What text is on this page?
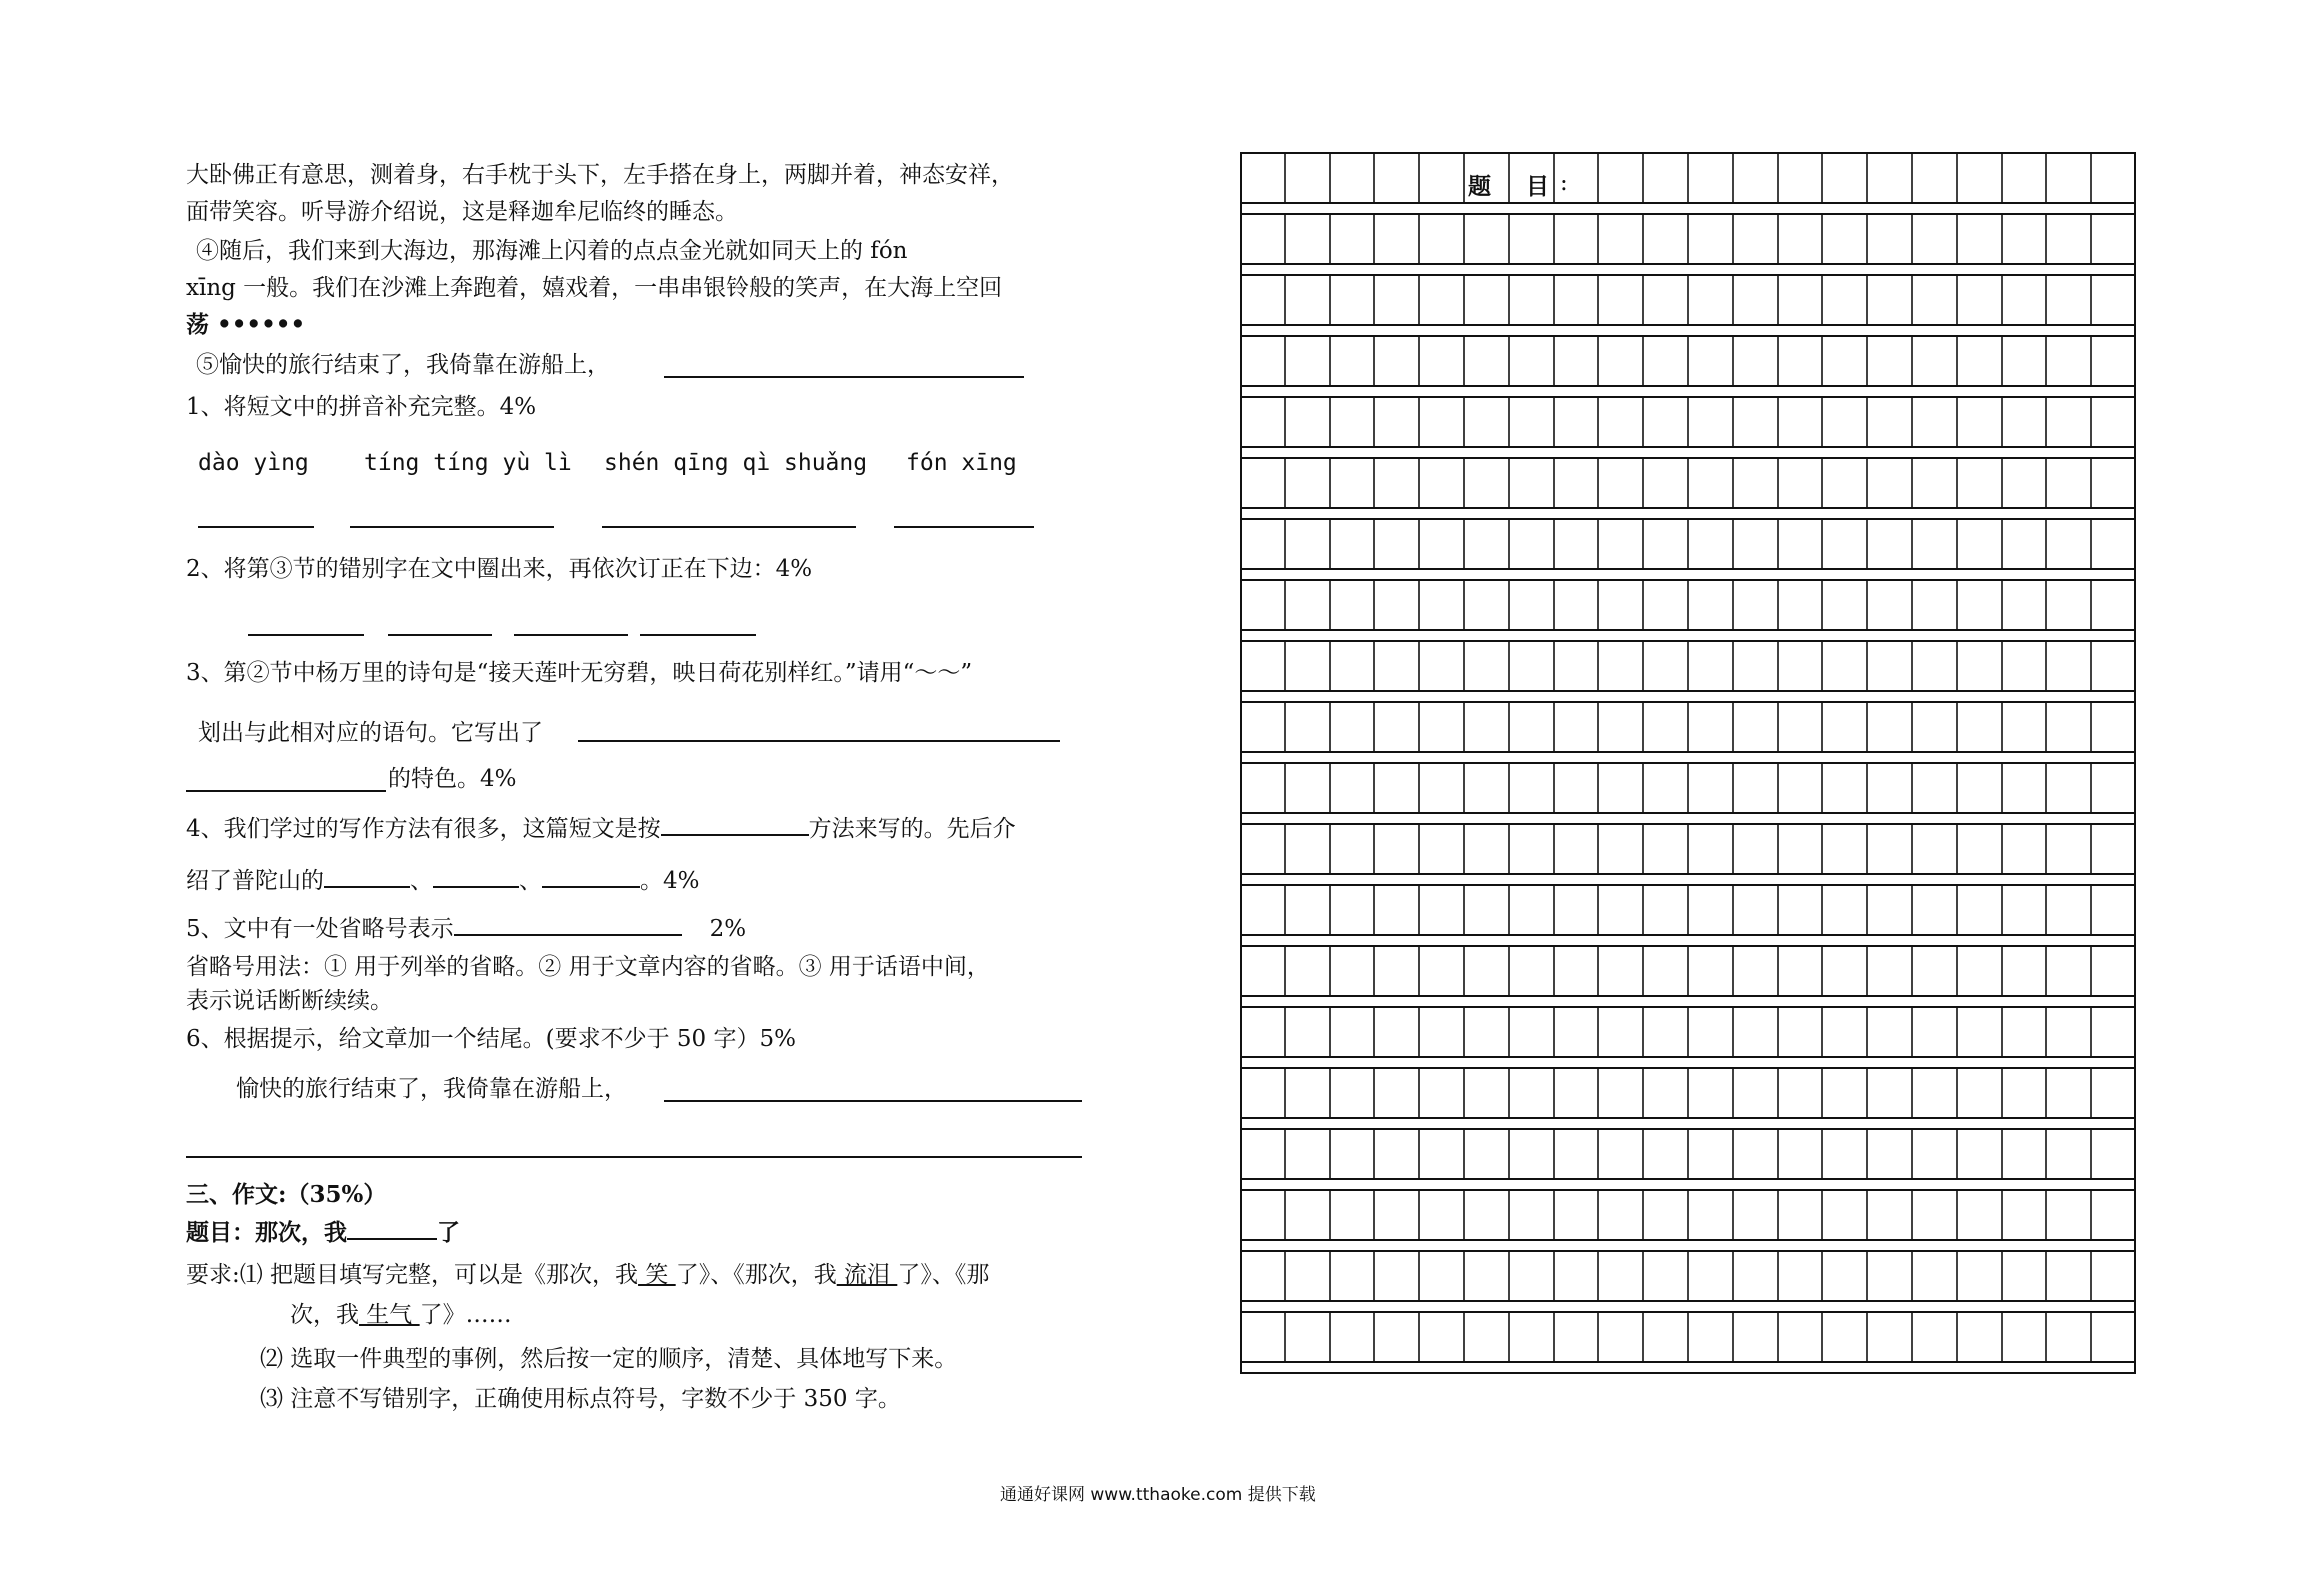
大卧佛正有意思，测着身，右手枕于头下，左手搭在身上，两脚并着，神态安祥，
面带笑容。听导游介绍说，这是释迦牟尼临终的睡态。
④随后，我们来到大海边，那海滩上闪着的点点金光就如同天上的 fón
xīng 一般。我们在沙滩上奔跑着，嬉戏着，一串串银铃般的笑声，在大海上空回
荡 ••••••
⑤愉快的旅行结束了，我倚靠在游船上，
1、将短文中的拼音补充完整。4%
dào yìng tíng tíng yù lì shén qīng qì shuǎng fón xīng
2、将第③节的错别字在文中圈出来，再依次订正在下边：4%
3、第②节中杨万里的诗句是“接天莲叶无穷碧，映日荷花别样红。”请用“～～”
划出与此相对应的语句。它写出了
的特色。4%
4、我们学过的写作方法有很多，这篇短文是按	方法来写的。先后介
绍了普陀山的	、	、	。4%
5、文中有一处省略号表示	2%
省略号用法：① 用于列举的省略。② 用于文章内容的省略。③ 用于话语中间，
表示说话断断续续。
6、根据提示，给文章加一个结尾。(要求不少于 50 字）5%
愉快的旅行结束了，我倚靠在游船上，
三、作文:（35%）
题目：那次，我	了
要求:⑴ 把题目填写完整，可以是《那次，我 笑 了》、《那次，我 流泪 了》、《那
次，我 生气 了》……
⑵ 选取一件典型的事例，然后按一定的顺序，清楚、具体地写下来。
⑶ 注意不写错别字，正确使用标点符号，字数不少于 350 字。
题 目 :
通通好课网 www.tthaoke.com 提供下载
